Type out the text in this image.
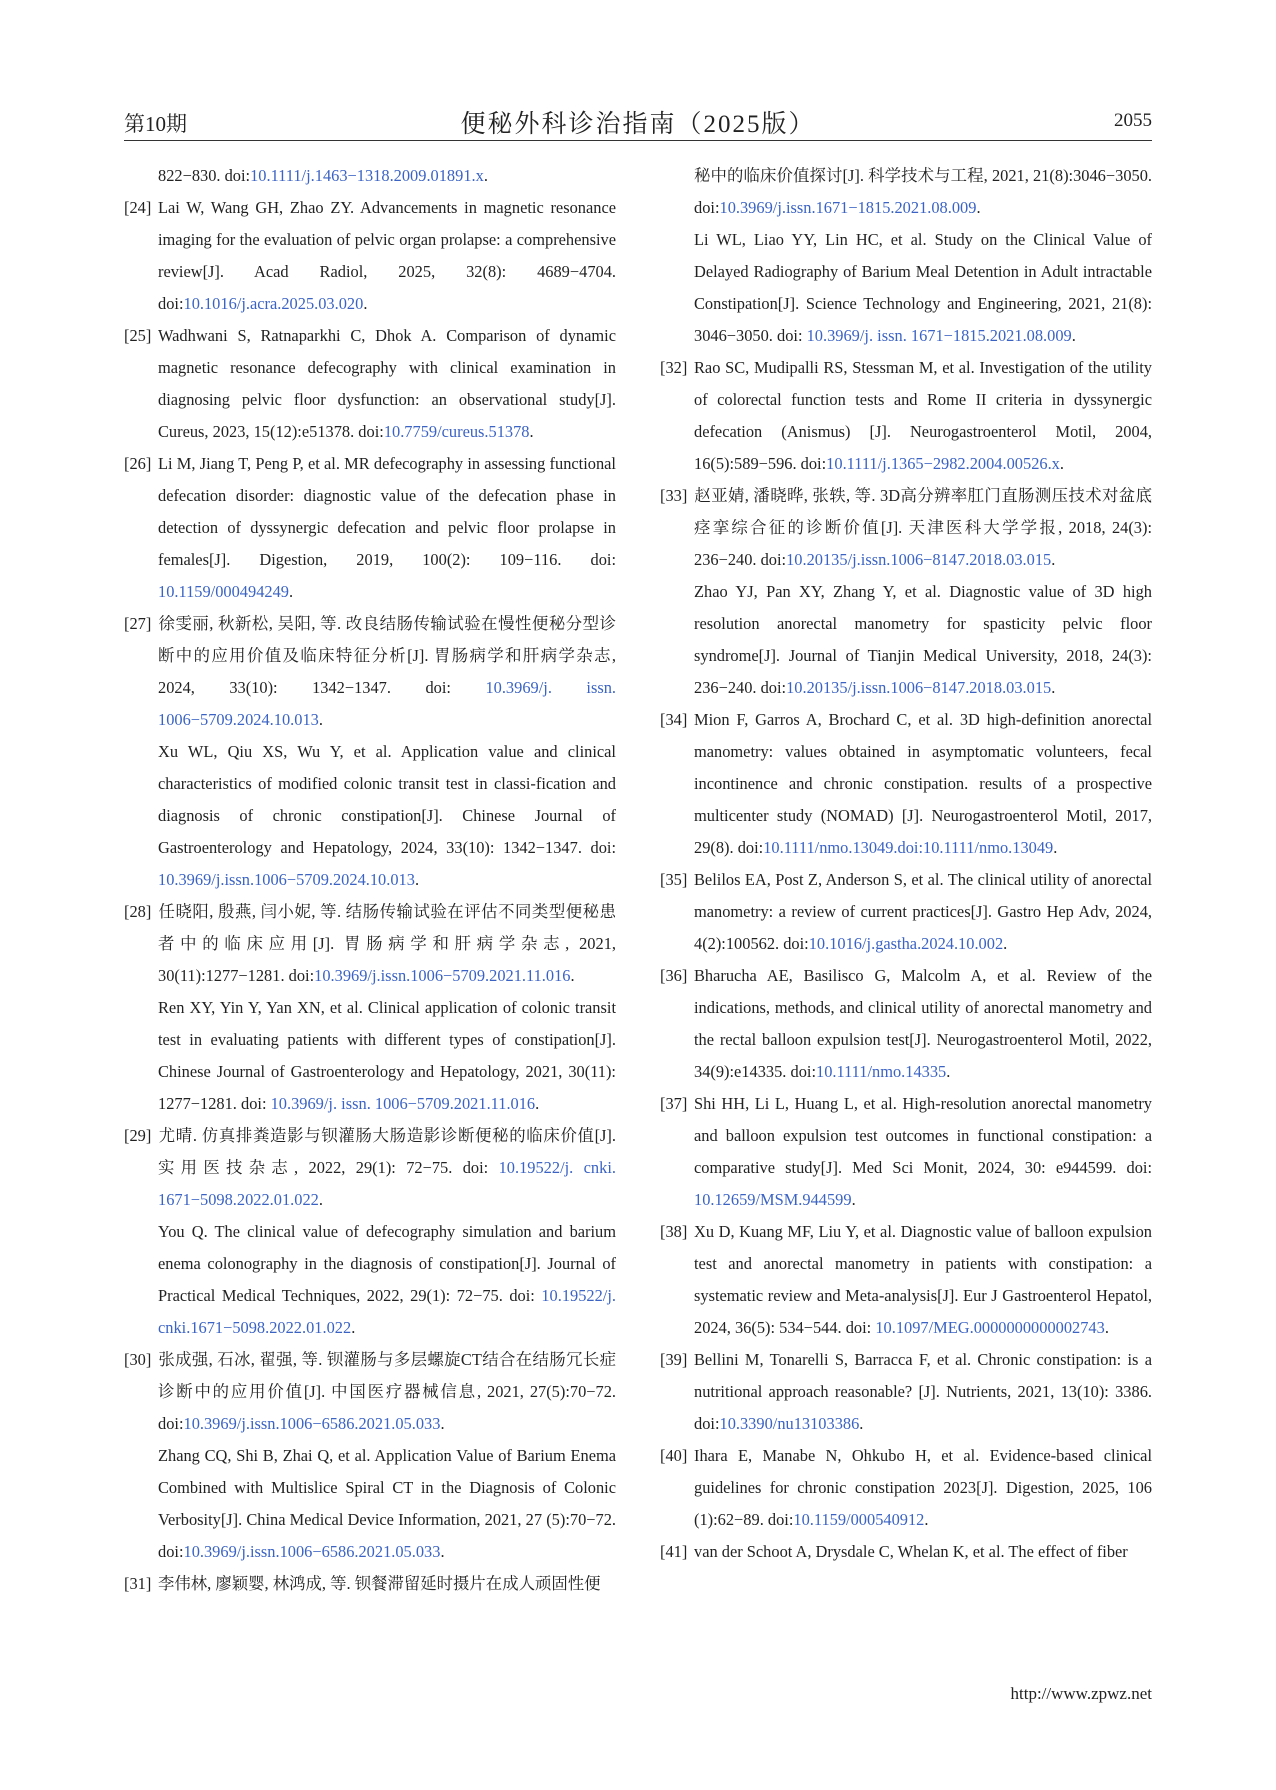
第10期	便秘外科诊治指南（2025版）	2055

822−830. doi:10.1111/j.1463−1318.2009.01891.x.

[24] Lai W, Wang GH, Zhao ZY. Advancements in magnetic resonance imaging for the evaluation of pelvic organ prolapse: a comprehensive review[J]. Acad Radiol, 2025, 32(8): 4689−4704. doi:10.1016/j.acra.2025.03.020.

[25] Wadhwani S, Ratnaparkhi C, Dhok A. Comparison of dynamic magnetic resonance defecography with clinical examination in diagnosing pelvic floor dysfunction: an observational study[J]. Cureus, 2023, 15(12):e51378. doi:10.7759/cureus.51378.

[26] Li M, Jiang T, Peng P, et al. MR defecography in assessing functional defecation disorder: diagnostic value of the defecation phase in detection of dyssynergic defecation and pelvic floor prolapse in females[J]. Digestion, 2019, 100(2): 109−116. doi: 10.1159/000494249.

[27] 徐雯丽, 秋新松, 吴阳, 等. 改良结肠传输试验在慢性便秘分型诊断中的应用价值及临床特征分析[J]. 胃肠病学和肝病学杂志, 2024, 33(10): 1342−1347. doi: 10.3969/j. issn. 1006−5709.2024.10.013.

Xu WL, Qiu XS, Wu Y, et al. Application value and clinical characteristics of modified colonic transit test in classi-fication and diagnosis of chronic constipation[J]. Chinese Journal of Gastroenterology and Hepatology, 2024, 33(10): 1342−1347. doi: 10.3969/j.issn.1006−5709.2024.10.013.

[28] 任晓阳, 殷燕, 闫小妮, 等. 结肠传输试验在评估不同类型便秘患者中的临床应用[J]. 胃肠病学和肝病学杂志, 2021, 30(11):1277−1281. doi:10.3969/j.issn.1006−5709.2021.11.016.

Ren XY, Yin Y, Yan XN, et al. Clinical application of colonic transit test in evaluating patients with different types of constipation[J]. Chinese Journal of Gastroenterology and Hepatology, 2021, 30(11): 1277−1281. doi: 10.3969/j. issn. 1006−5709.2021.11.016.

[29] 尤晴. 仿真排粪造影与钡灌肠大肠造影诊断便秘的临床价值[J]. 实用医技杂志, 2022, 29(1): 72−75. doi: 10.19522/j. cnki. 1671−5098.2022.01.022.

You Q. The clinical value of defecography simulation and barium enema colonography in the diagnosis of constipation[J]. Journal of Practical Medical Techniques, 2022, 29(1): 72−75. doi: 10.19522/j. cnki.1671−5098.2022.01.022.

[30] 张成强, 石冰, 翟强, 等. 钡灌肠与多层螺旋CT结合在结肠冗长症诊断中的应用价值[J]. 中国医疗器械信息, 2021, 27(5):70−72. doi:10.3969/j.issn.1006−6586.2021.05.033.

Zhang CQ, Shi B, Zhai Q, et al. Application Value of Barium Enema Combined with Multislice Spiral CT in the Diagnosis of Colonic Verbosity[J]. China Medical Device Information, 2021, 27 (5):70−72. doi:10.3969/j.issn.1006−6586.2021.05.033.

[31] 李伟林, 廖颖婴, 林鸿成, 等. 钡餐滞留延时摄片在成人顽固性便

秘中的临床价值探讨[J]. 科学技术与工程, 2021, 21(8):3046−3050. doi:10.3969/j.issn.1671−1815.2021.08.009.

Li WL, Liao YY, Lin HC, et al. Study on the Clinical Value of Delayed Radiography of Barium Meal Detention in Adult intractable Constipation[J]. Science Technology and Engineering, 2021, 21(8): 3046−3050. doi: 10.3969/j. issn. 1671−1815.2021.08.009.

[32] Rao SC, Mudipalli RS, Stessman M, et al. Investigation of the utility of colorectal function tests and Rome II criteria in dyssynergic defecation (Anismus) [J]. Neurogastroenterol Motil, 2004, 16(5):589−596. doi:10.1111/j.1365−2982.2004.00526.x.

[33] 赵亚婧, 潘晓晔, 张轶, 等. 3D高分辨率肛门直肠测压技术对盆底痉挛综合征的诊断价值[J]. 天津医科大学学报, 2018, 24(3): 236−240. doi:10.20135/j.issn.1006−8147.2018.03.015.

Zhao YJ, Pan XY, Zhang Y, et al. Diagnostic value of 3D high resolution anorectal manometry for spasticity pelvic floor syndrome[J]. Journal of Tianjin Medical University, 2018, 24(3): 236−240. doi:10.20135/j.issn.1006−8147.2018.03.015.

[34] Mion F, Garros A, Brochard C, et al. 3D high-definition anorectal manometry: values obtained in asymptomatic volunteers, fecal incontinence and chronic constipation. results of a prospective multicenter study (NOMAD) [J]. Neurogastroenterol Motil, 2017, 29(8). doi:10.1111/nmo.13049.doi:10.1111/nmo.13049.

[35] Belilos EA, Post Z, Anderson S, et al. The clinical utility of anorectal manometry: a review of current practices[J]. Gastro Hep Adv, 2024, 4(2):100562. doi:10.1016/j.gastha.2024.10.002.

[36] Bharucha AE, Basilisco G, Malcolm A, et al. Review of the indications, methods, and clinical utility of anorectal manometry and the rectal balloon expulsion test[J]. Neurogastroenterol Motil, 2022, 34(9):e14335. doi:10.1111/nmo.14335.

[37] Shi HH, Li L, Huang L, et al. High-resolution anorectal manometry and balloon expulsion test outcomes in functional constipation: a comparative study[J]. Med Sci Monit, 2024, 30: e944599. doi: 10.12659/MSM.944599.

[38] Xu D, Kuang MF, Liu Y, et al. Diagnostic value of balloon expulsion test and anorectal manometry in patients with constipation: a systematic review and Meta-analysis[J]. Eur J Gastroenterol Hepatol, 2024, 36(5): 534−544. doi: 10.1097/MEG.0000000000002743.

[39] Bellini M, Tonarelli S, Barracca F, et al. Chronic constipation: is a nutritional approach reasonable? [J]. Nutrients, 2021, 13(10): 3386. doi:10.3390/nu13103386.

[40] Ihara E, Manabe N, Ohkubo H, et al. Evidence-based clinical guidelines for chronic constipation 2023[J]. Digestion, 2025, 106 (1):62−89. doi:10.1159/000540912.

[41] van der Schoot A, Drysdale C, Whelan K, et al. The effect of fiber

http://www.zpwz.net
